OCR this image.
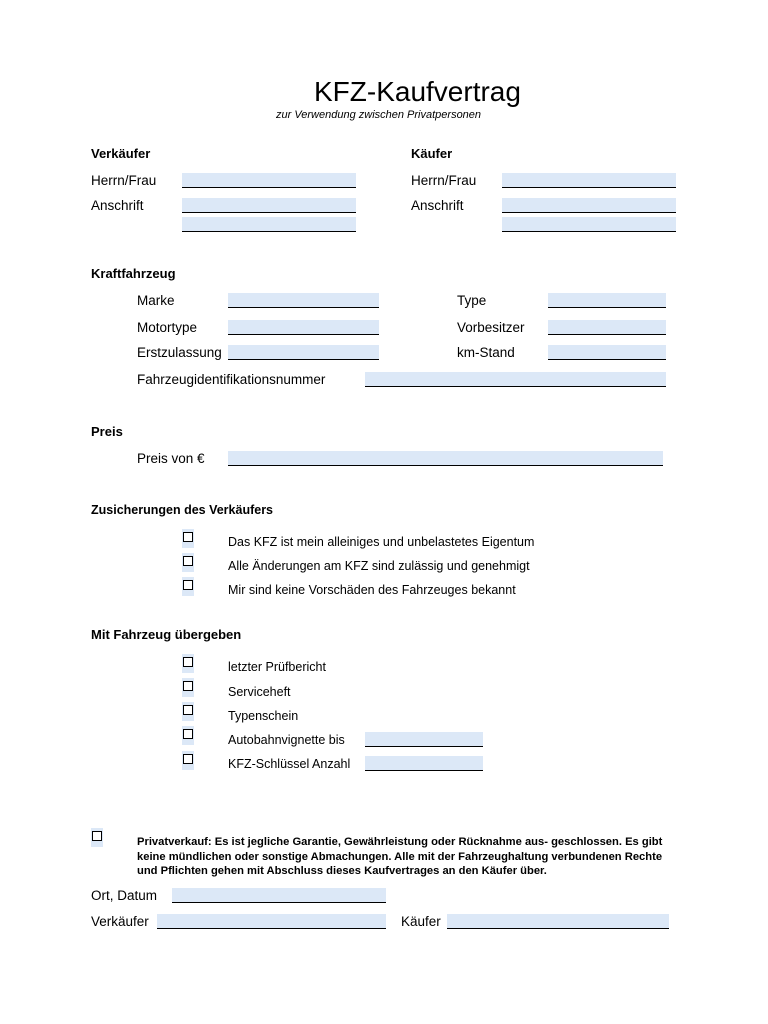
KFZ-Kaufvertrag
zur Verwendung zwischen Privatpersonen
Verkäufer	Käufer
Herrn/Frau	Herrn/Frau
Anschrift	Anschrift
Kraftfahrzeug
Marke	Type
Motortype	Vorbesitzer
Erstzulassung	km-Stand
Fahrzeugidentifikationsnummer
Preis
Preis von €
Zusicherungen des Verkäufers
Das KFZ ist mein alleiniges und unbelastetes Eigentum
Alle Änderungen am KFZ sind zulässig und genehmigt
Mir sind keine Vorschäden des Fahrzeuges bekannt
Mit Fahrzeug übergeben
letzter Prüfbericht
Serviceheft
Typenschein
Autobahnvignette bis
KFZ-Schlüssel Anzahl
Privatverkauf: Es ist jegliche Garantie, Gewährleistung oder Rücknahme aus- geschlossen. Es gibt keine mündlichen oder sonstige Abmachungen. Alle mit der Fahrzeughaltung verbundenen Rechte und Pflichten gehen mit Abschluss dieses Kaufvertrages an den Käufer über.
Ort, Datum
Verkäufer	Käufer
